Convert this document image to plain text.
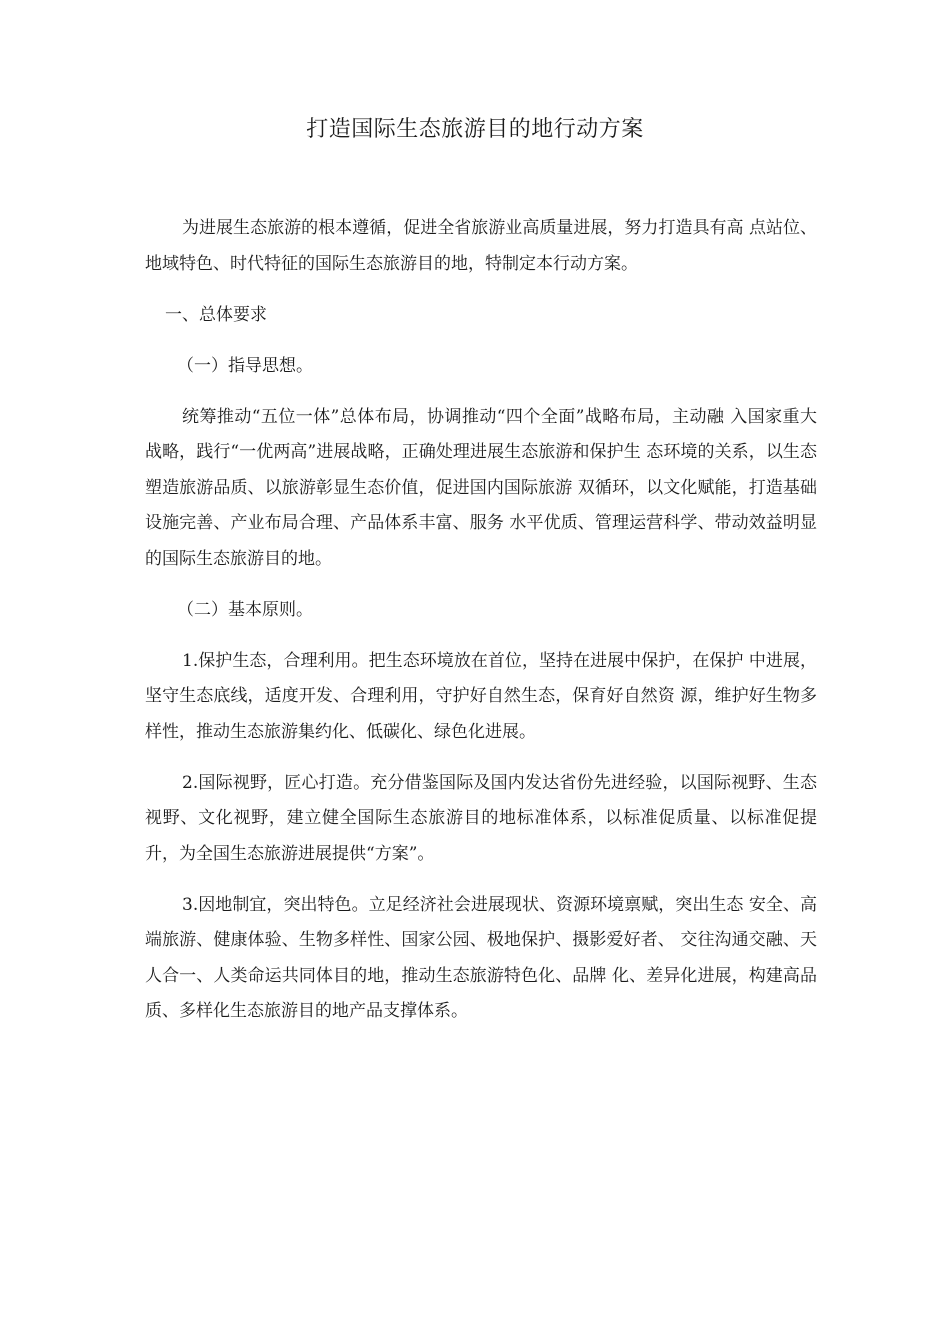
打造国际生态旅游目的地行动方案

为进展生态旅游的根本遵循，促进全省旅游业高质量进展，努力打造具有高 点站位、地域特色、时代特征的国际生态旅游目的地，特制定本行动方案。

一、总体要求

（一）指导思想。

统筹推动“五位一体”总体布局，协调推动“四个全面”战略布局，主动融 入国家重大战略，践行“一优两高”进展战略，正确处理进展生态旅游和保护生 态环境的关系，以生态塑造旅游品质、以旅游彰显生态价值，促进国内国际旅游 双循环，以文化赋能，打造基础设施完善、产业布局合理、产品体系丰富、服务 水平优质、管理运营科学、带动效益明显的国际生态旅游目的地。

（二）基本原则。

1.保护生态，合理利用。把生态环境放在首位，坚持在进展中保护，在保护 中进展，坚守生态底线，适度开发、合理利用，守护好自然生态，保育好自然资 源，维护好生物多样性，推动生态旅游集约化、低碳化、绿色化进展。

2.国际视野，匠心打造。充分借鉴国际及国内发达省份先进经验，以国际视野、生态视野、文化视野，建立健全国际生态旅游目的地标准体系，以标准促质量、以标准促提升，为全国生态旅游进展提供“方案”。

3.因地制宜，突出特色。立足经济社会进展现状、资源环境禀赋，突出生态 安全、高端旅游、健康体验、生物多样性、国家公园、极地保护、摄影爱好者、 交往沟通交融、天人合一、人类命运共同体目的地，推动生态旅游特色化、品牌 化、差异化进展，构建高品质、多样化生态旅游目的地产品支撑体系。
